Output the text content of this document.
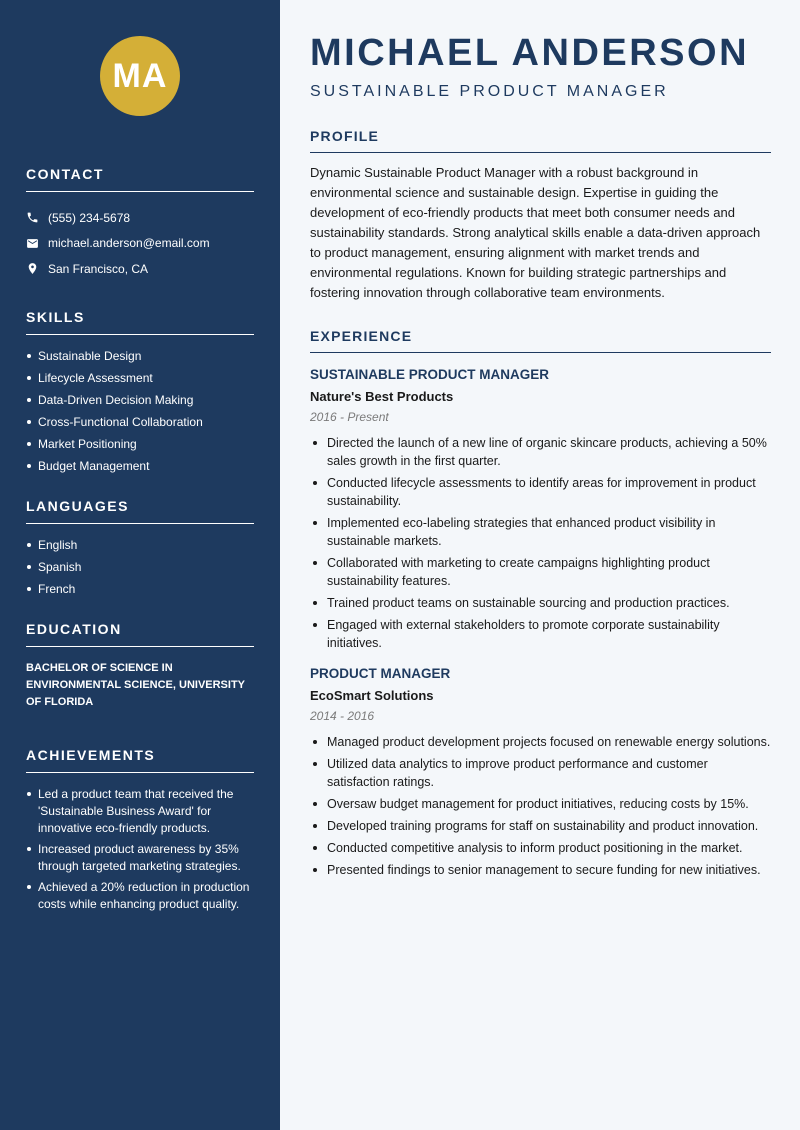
MA
CONTACT
(555) 234-5678
michael.anderson@email.com
San Francisco, CA
SKILLS
Sustainable Design
Lifecycle Assessment
Data-Driven Decision Making
Cross-Functional Collaboration
Market Positioning
Budget Management
LANGUAGES
English
Spanish
French
EDUCATION
BACHELOR OF SCIENCE IN ENVIRONMENTAL SCIENCE, UNIVERSITY OF FLORIDA
ACHIEVEMENTS
Led a product team that received the 'Sustainable Business Award' for innovative eco-friendly products.
Increased product awareness by 35% through targeted marketing strategies.
Achieved a 20% reduction in production costs while enhancing product quality.
MICHAEL ANDERSON
SUSTAINABLE PRODUCT MANAGER
PROFILE

Dynamic Sustainable Product Manager with a robust background in environmental science and sustainable design. Expertise in guiding the development of eco-friendly products that meet both consumer needs and sustainability standards. Strong analytical skills enable a data-driven approach to product management, ensuring alignment with market trends and environmental regulations. Known for building strategic partnerships and fostering innovation through collaborative team environments.

EXPERIENCE
SUSTAINABLE PRODUCT MANAGER
Nature's Best Products
2016 - Present
Directed the launch of a new line of organic skincare products, achieving a 50% sales growth in the first quarter.
Conducted lifecycle assessments to identify areas for improvement in product sustainability.
Implemented eco-labeling strategies that enhanced product visibility in sustainable markets.
Collaborated with marketing to create campaigns highlighting product sustainability features.
Trained product teams on sustainable sourcing and production practices.
Engaged with external stakeholders to promote corporate sustainability initiatives.
PRODUCT MANAGER
EcoSmart Solutions
2014 - 2016
Managed product development projects focused on renewable energy solutions.
Utilized data analytics to improve product performance and customer satisfaction ratings.
Oversaw budget management for product initiatives, reducing costs by 15%.
Developed training programs for staff on sustainability and product innovation.
Conducted competitive analysis to inform product positioning in the market.
Presented findings to senior management to secure funding for new initiatives.
